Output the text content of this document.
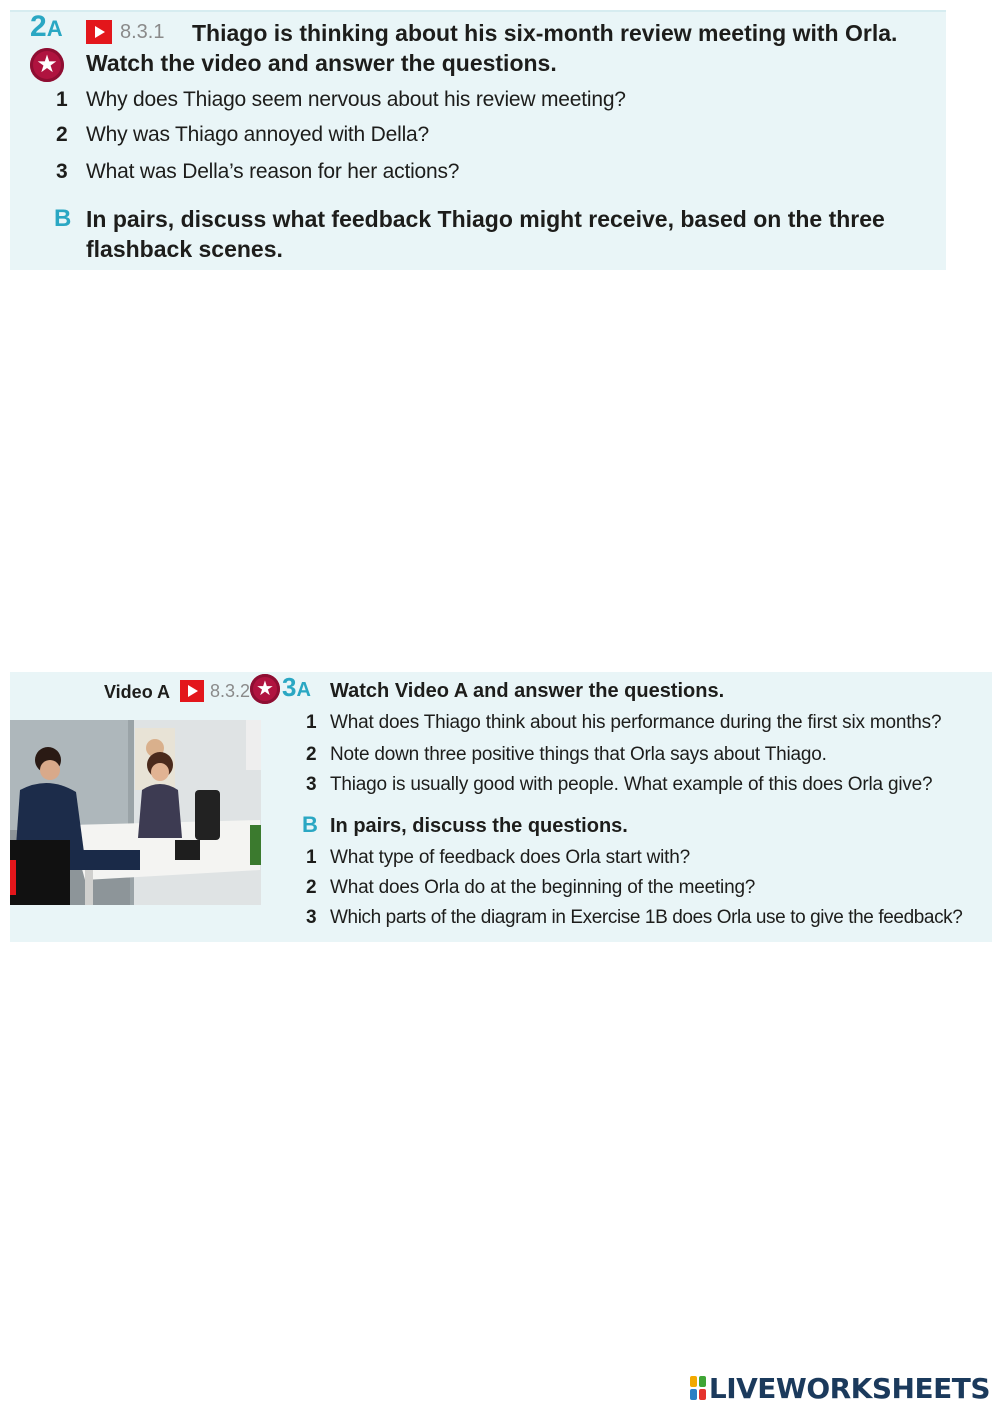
2A	8.3.1
★
Thiago is thinking about his six-month review meeting with Orla.
Watch the video and answer the questions.
1 Why does Thiago seem nervous about his review meeting?
2 Why was Thiago annoyed with Della?
3 What was Della’s reason for her actions?
B In pairs, discuss what feedback Thiago might receive, based on the three
flashback scenes.
Video A 8.3.2 ★ 3A Watch Video A and answer the questions.
1 What does Thiago think about his performance during the first six months?
2 Note down three positive things that Orla says about Thiago.
3 Thiago is usually good with people. What example of this does Orla give?
B In pairs, discuss the questions.
1 What type of feedback does Orla start with?
2 What does Orla do at the beginning of the meeting?
3 Which parts of the diagram in Exercise 1B does Orla use to give the feedback?
LIVEWORKSHEETS
